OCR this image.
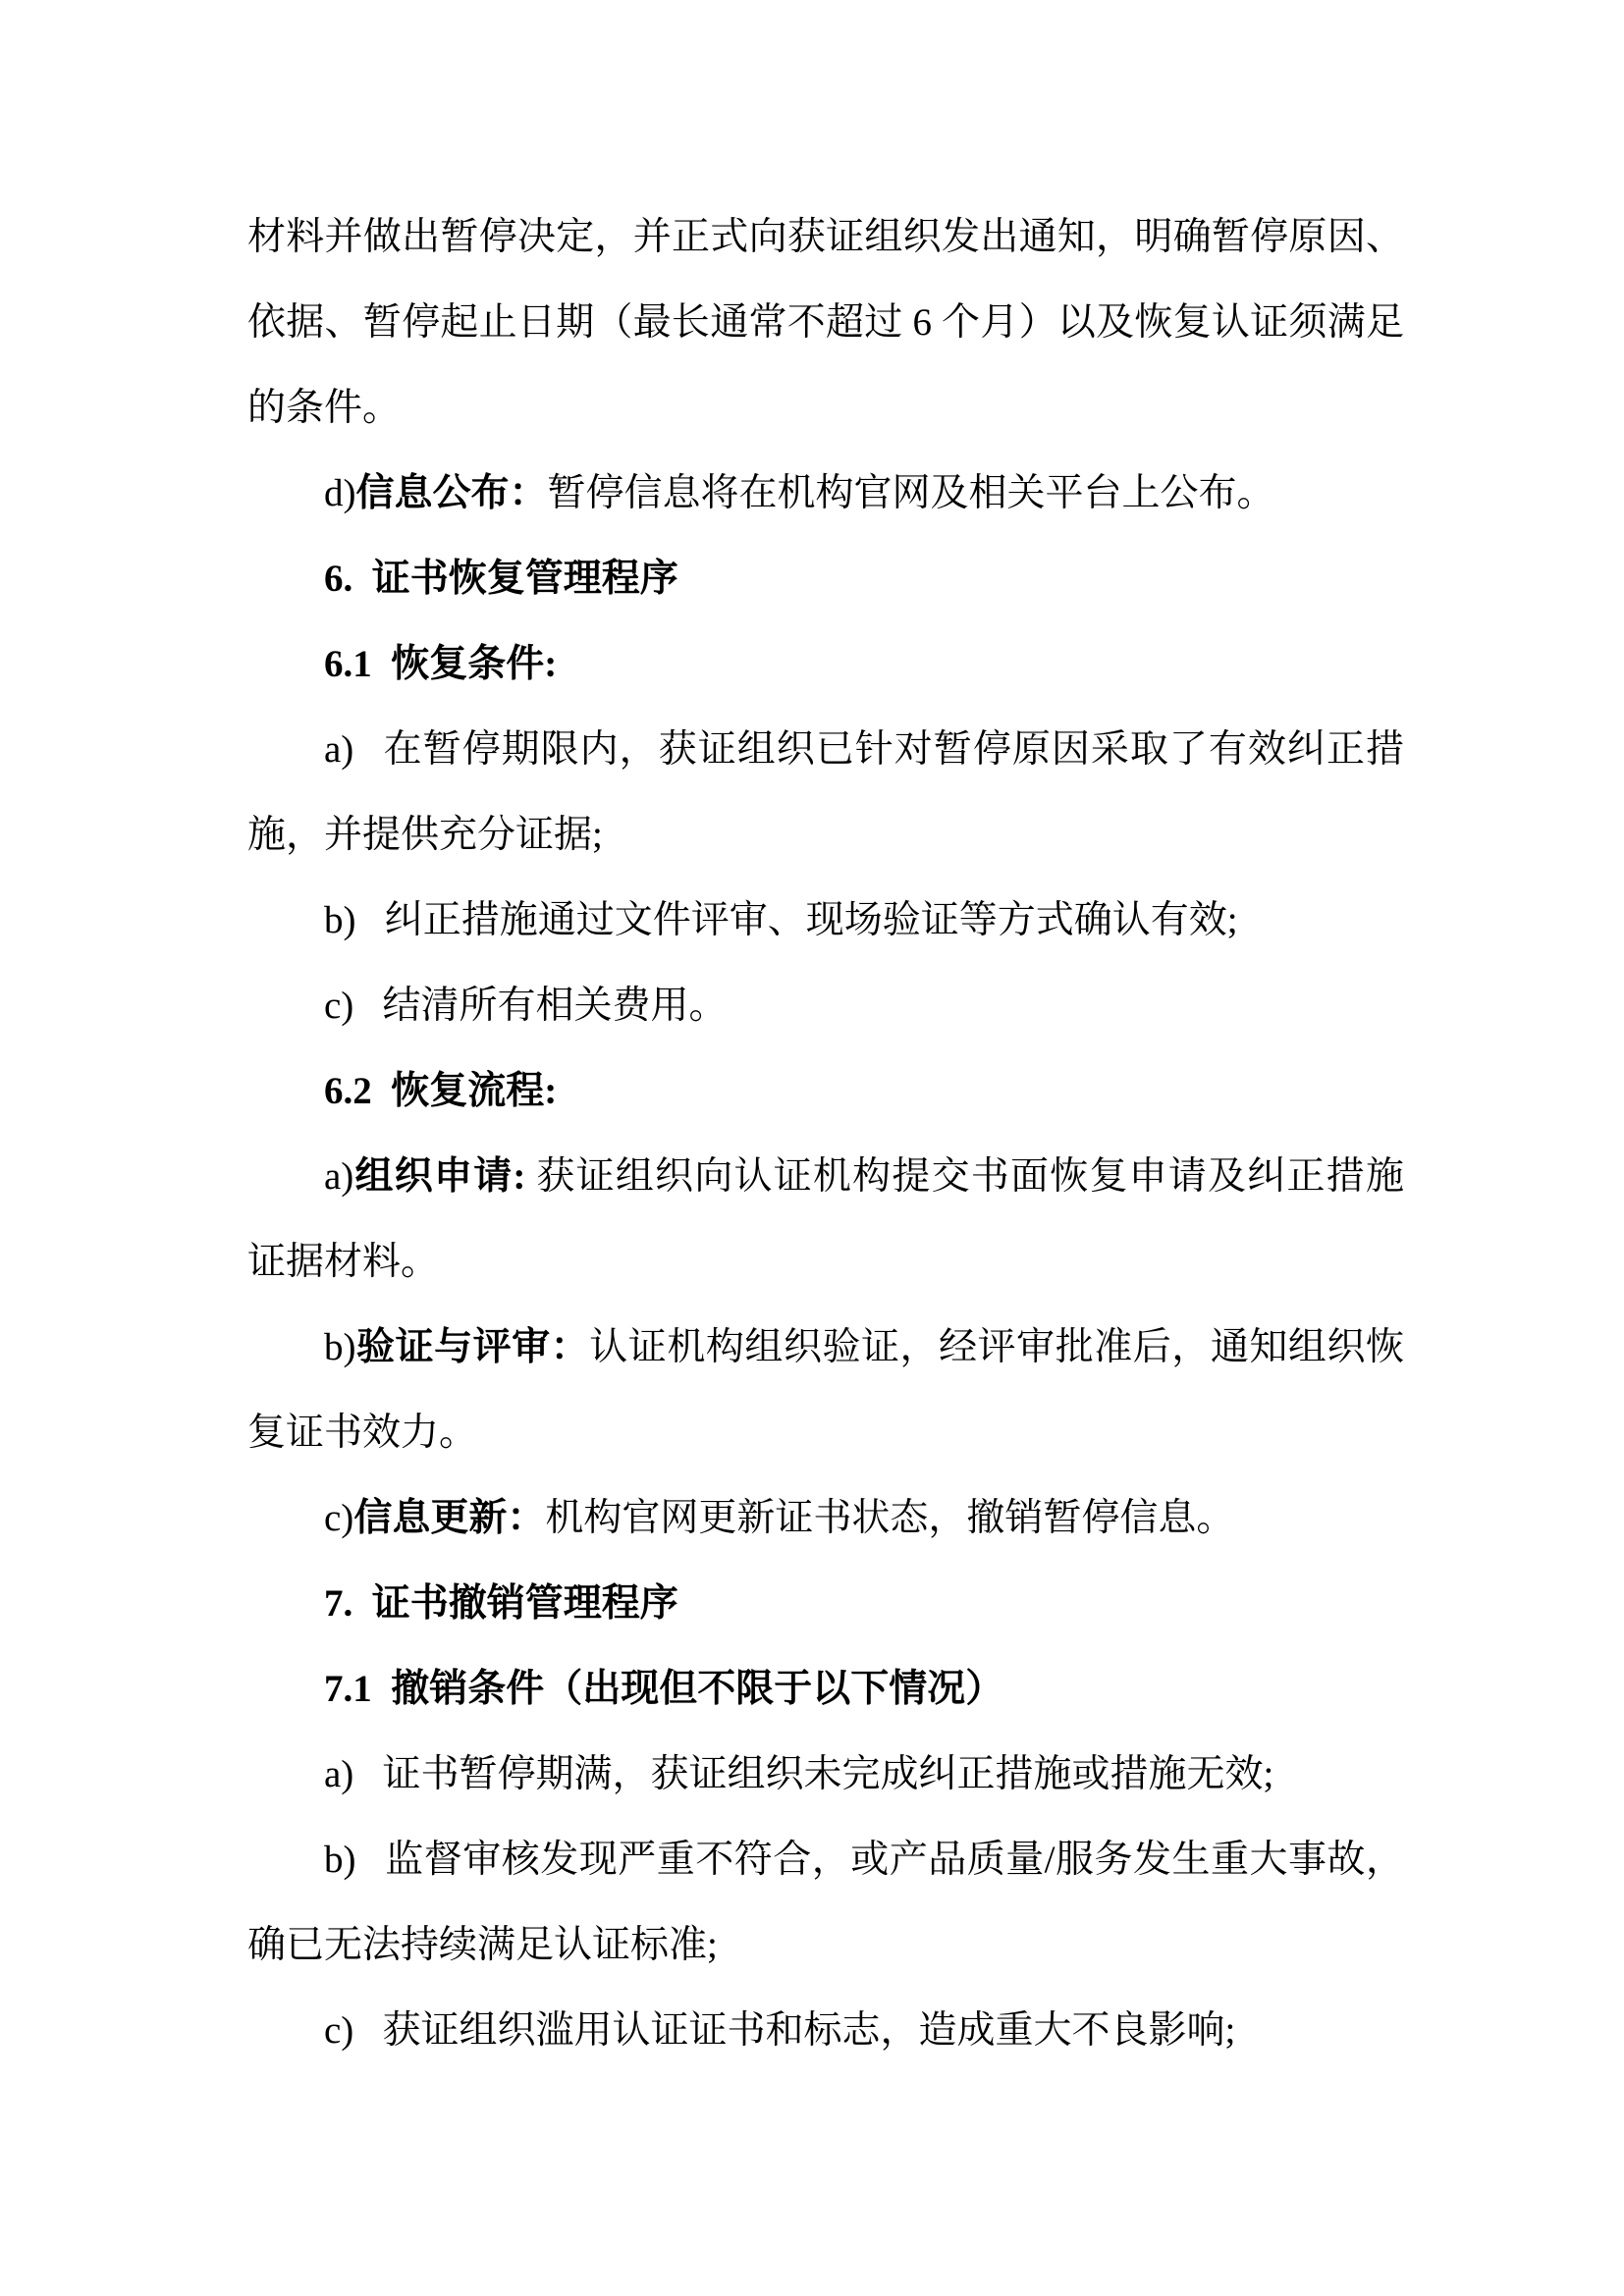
材料并做出暂停决定，并正式向获证组织发出通知，明确暂停原因、
依据、暂停起止日期（最长通常不超过 6 个月）以及恢复认证须满足
的条件。
d)信息公布：暂停信息将在机构官网及相关平台上公布。
6. 证书恢复管理程序
6.1 恢复条件:
a)  在暂停期限内，获证组织已针对暂停原因采取了有效纠正措
施，并提供充分证据;
b)  纠正措施通过文件评审、现场验证等方式确认有效;
c)  结清所有相关费用。
6.2 恢复流程:
a)组织申请: 获证组织向认证机构提交书面恢复申请及纠正措施
证据材料。
b)验证与评审：认证机构组织验证，经评审批准后，通知组织恢
复证书效力。
c)信息更新：机构官网更新证书状态，撤销暂停信息。
7. 证书撤销管理程序
7.1 撤销条件（出现但不限于以下情况）
a)  证书暂停期满，获证组织未完成纠正措施或措施无效;
b)  监督审核发现严重不符合，或产品质量/服务发生重大事故，
确已无法持续满足认证标准;
c)  获证组织滥用认证证书和标志，造成重大不良影响;
